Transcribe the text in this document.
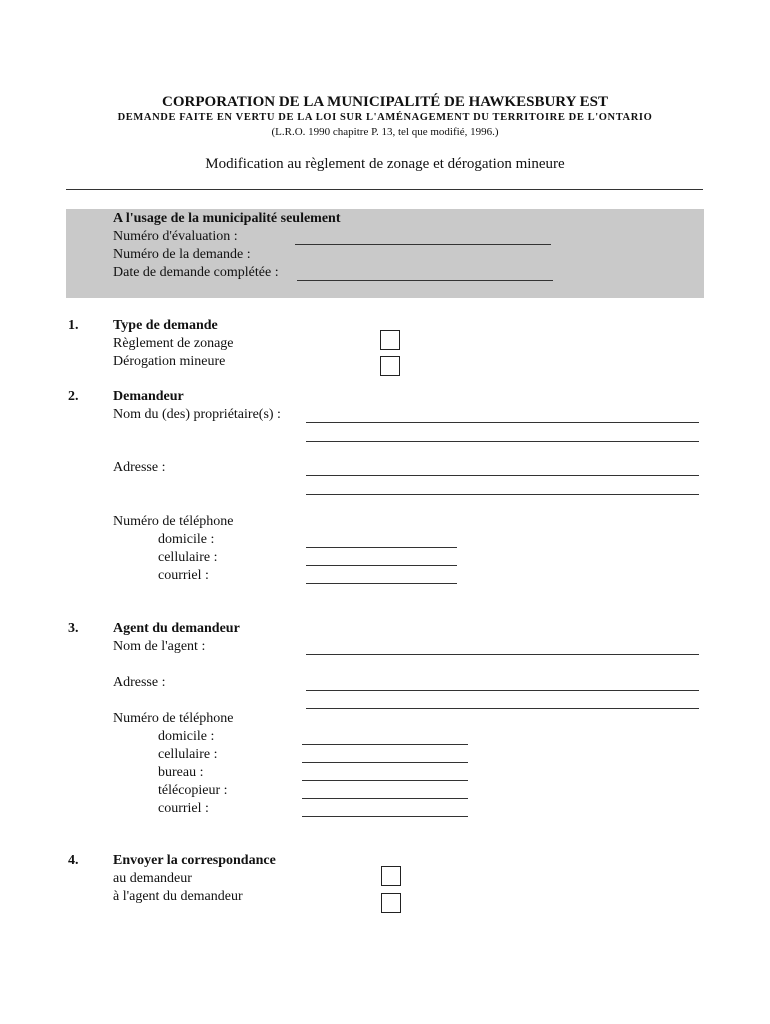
CORPORATION DE LA MUNICIPALITÉ DE HAWKESBURY EST
DEMANDE FAITE EN VERTU DE LA LOI SUR L'AMÉNAGEMENT DU TERRITOIRE DE L'ONTARIO
(L.R.O. 1990 chapitre P. 13, tel que modifié, 1996.)
Modification au règlement de zonage et dérogation mineure
A l'usage de la municipalité seulement
Numéro d'évaluation :
Numéro de la demande :
Date de demande complétée :
1. Type de demande
Règlement de zonage
Dérogation mineure
2. Demandeur
Nom du (des) propriétaire(s) :
Adresse :
Numéro de téléphone
domicile :
cellulaire :
courriel :
3. Agent du demandeur
Nom de l'agent :
Adresse :
Numéro de téléphone
domicile :
cellulaire :
bureau :
télécopieur :
courriel :
4. Envoyer la correspondance
au demandeur
à l'agent du demandeur
